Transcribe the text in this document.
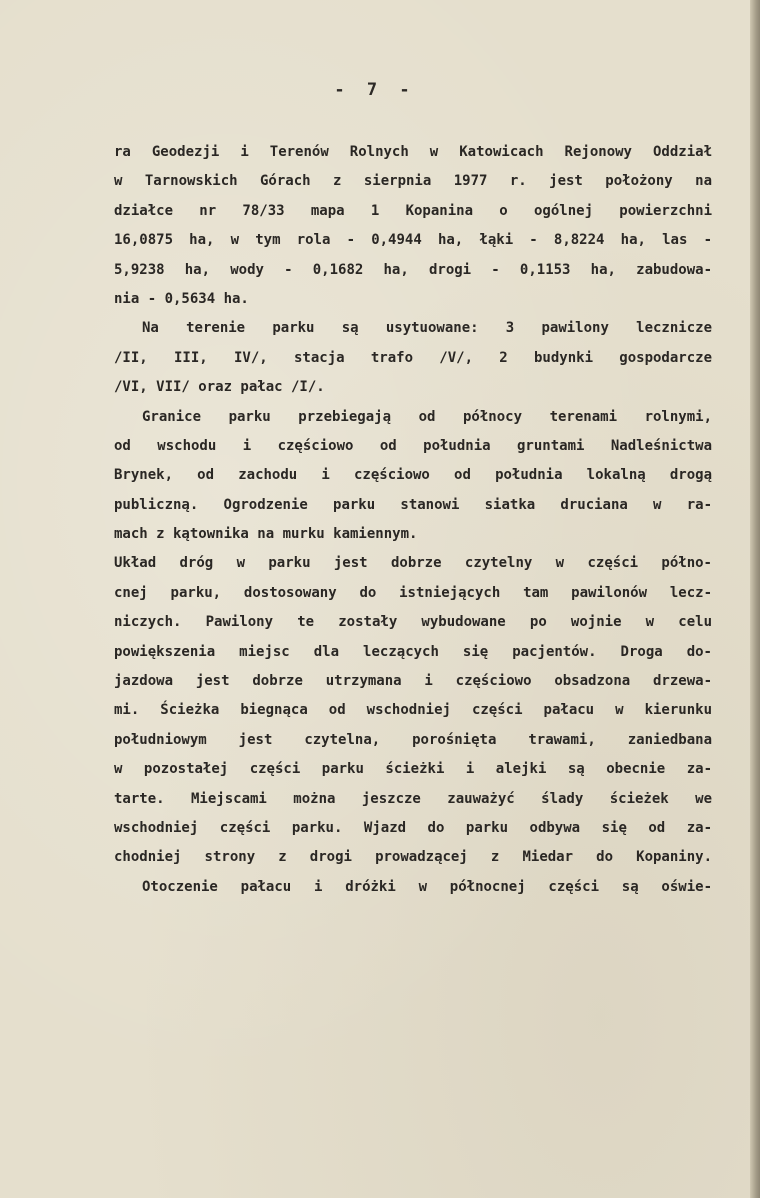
- 7 -
ra Geodezji i Terenów Rolnych w Katowicach Rejonowy Oddział
w Tarnowskich Górach z sierpnia 1977 r. jest położony na
działce nr 78/33 mapa 1 Kopanina o ogólnej powierzchni
16,0875 ha, w tym rola - 0,4944 ha, łąki - 8,8224 ha, las -
5,9238 ha, wody - 0,1682 ha, drogi - 0,1153 ha, zabudowa-
nia - 0,5634 ha.
Na terenie parku są usytuowane: 3 pawilony lecznicze
/II, III, IV/, stacja trafo /V/, 2 budynki gospodarcze
/VI, VII/ oraz pałac /I/.
Granice parku przebiegają od północy terenami rolnymi,
od wschodu i częściowo od południa gruntami Nadleśnictwa
Brynek, od zachodu i częściowo od południa lokalną drogą
publiczną. Ogrodzenie parku stanowi siatka druciana w ra-
mach z kątownika na murku kamiennym.
Układ dróg w parku jest dobrze czytelny w części półno-
cnej parku, dostosowany do istniejących tam pawilonów lecz-
niczych. Pawilony te zostały wybudowane po wojnie w celu
powiększenia miejsc dla leczących się pacjentów. Droga do-
jazdowa jest dobrze utrzymana i częściowo obsadzona drzewa-
mi. Ścieżka biegnąca od wschodniej części pałacu w kierunku
południowym jest czytelna, porośnięta trawami, zaniedbana
w pozostałej części parku ścieżki i alejki są obecnie za-
tarte. Miejscami można jeszcze zauważyć ślady ścieżek we
wschodniej części parku. Wjazd do parku odbywa się od za-
chodniej strony z drogi prowadzącej z Miedar do Kopaniny.
Otoczenie pałacu i dróżki w północnej części są oświe-
